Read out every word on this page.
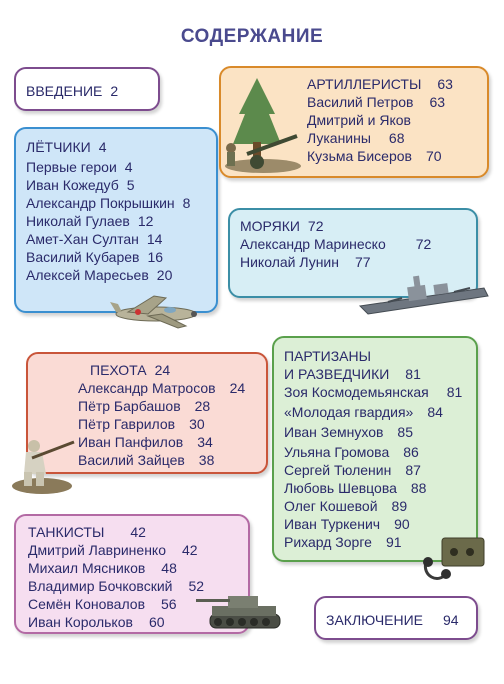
СОДЕРЖАНИЕ
ВВЕДЕНИЕ 2
ЛЁТЧИКИ 4
Первые герои 4
Иван Кожедуб 5
Александр Покрышкин 8
Николай Гулаев 12
Амет-Хан Султан 14
Василий Кубарев 16
Алексей Маресьев 20
АРТИЛЛЕРИСТЫ 63
Василий Петров 63
Дмитрий и Яков
Луканины 68
Кузьма Бисеров 70
МОРЯКИ 72
Александр Маринеско 72
Николай Лунин 77
ПЕХОТА 24
Александр Матросов 24
Пётр Барбашов 28
Пётр Гаврилов 30
Иван Панфилов 34
Василий Зайцев 38
ПАРТИЗАНЫ
И РАЗВЕДЧИКИ 81
Зоя Космодемьянская 81
«Молодая гвардия» 84
Иван Земнухов 85
Ульяна Громова 86
Сергей Тюленин 87
Любовь Шевцова 88
Олег Кошевой 89
Иван Туркенич 90
Рихард Зорге 91
ТАНКИСТЫ 42
Дмитрий Лавриненко 42
Михаил Мясников 48
Владимир Бочковский 52
Семён Коновалов 56
Иван Корольков 60	ЗАКЛЮЧЕНИЕ 94
